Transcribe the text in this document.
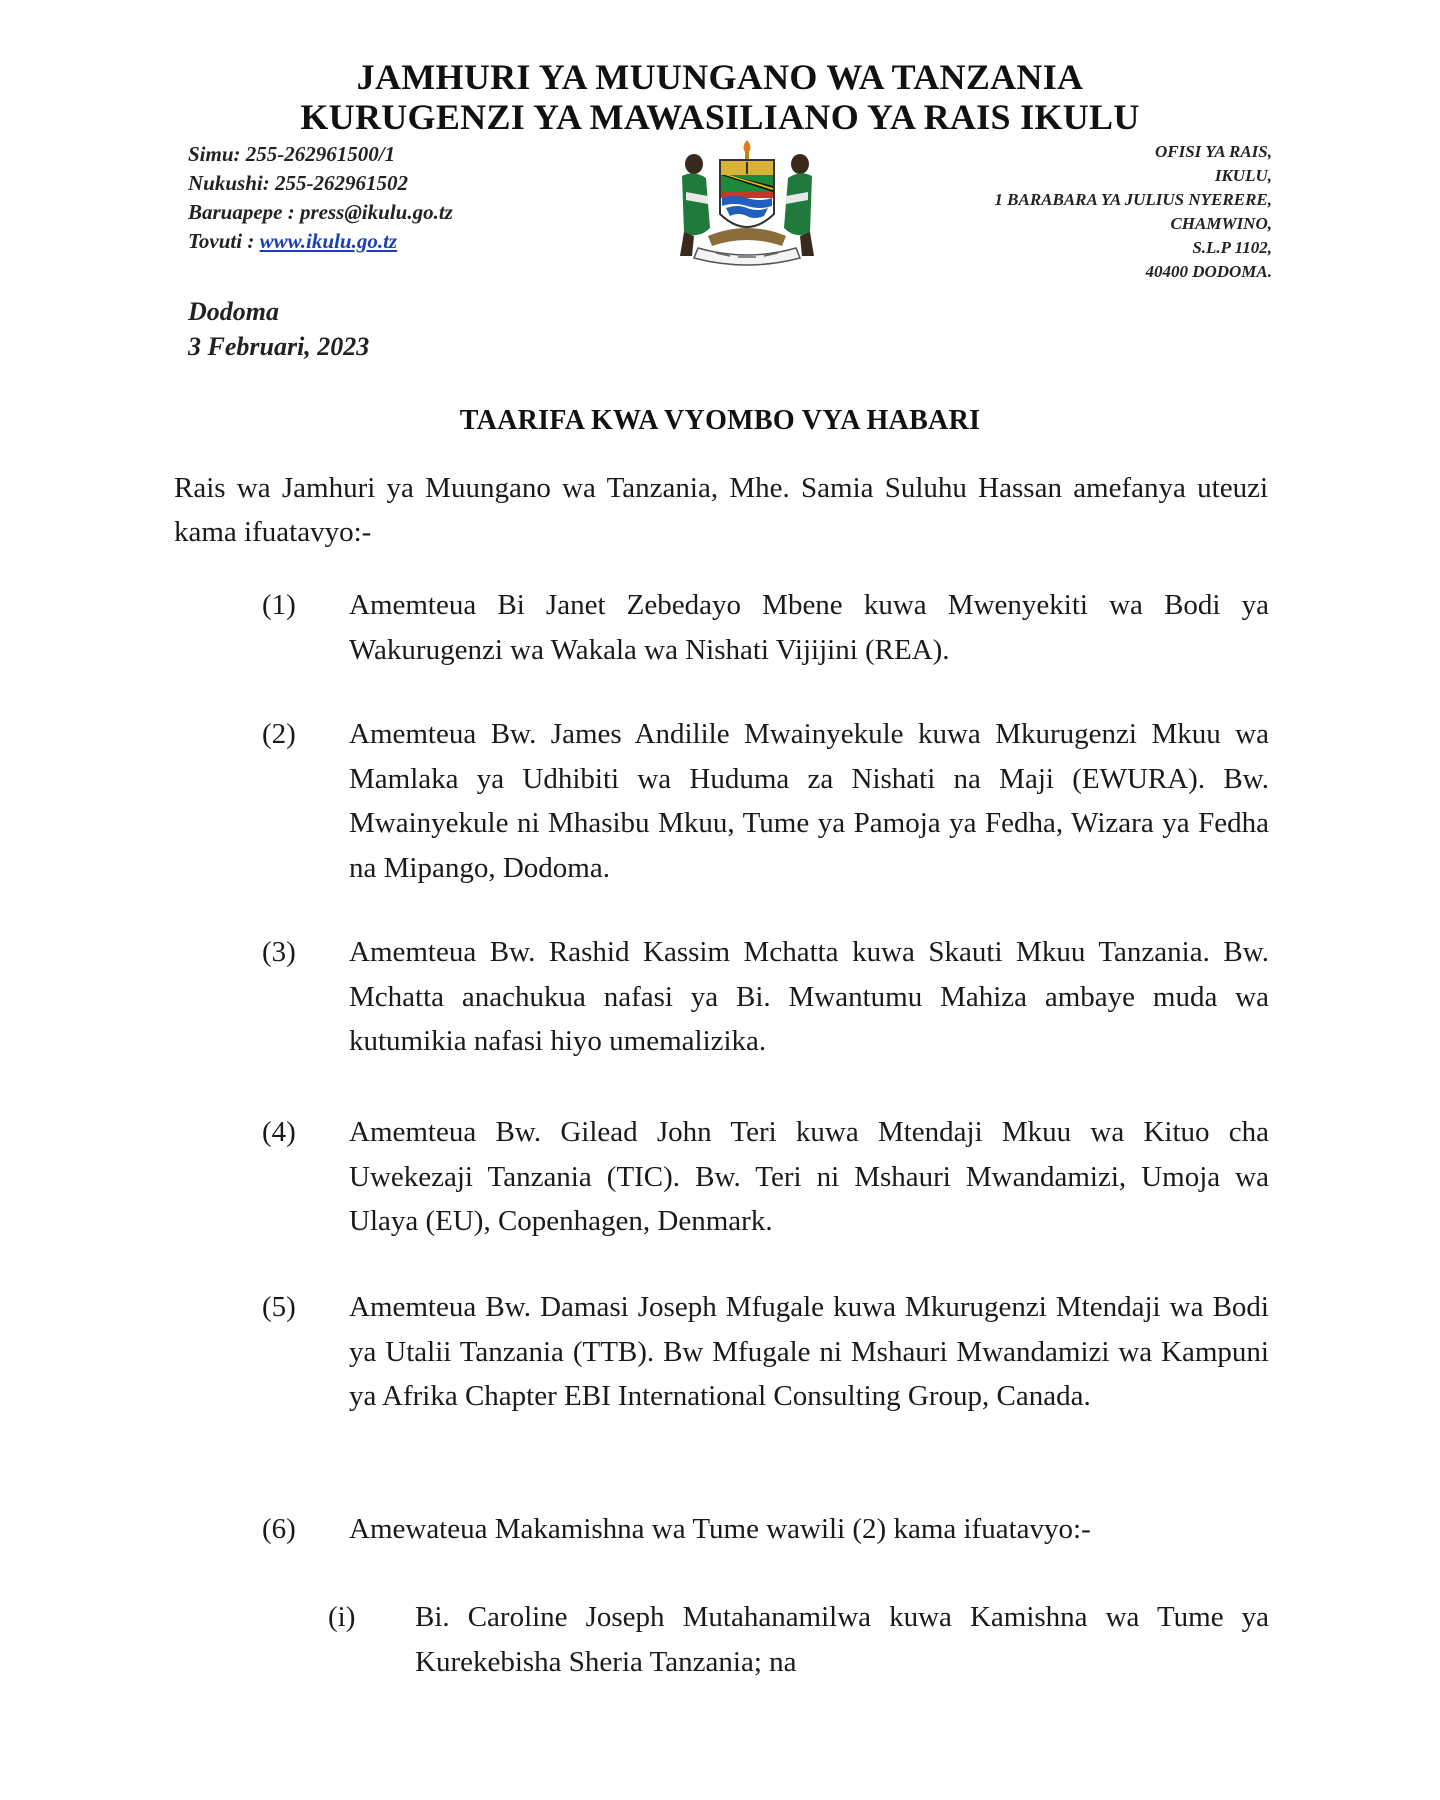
JAMHURI YA MUUNGANO WA TANZANIA
KURUGENZI YA MAWASILIANO YA RAIS IKULU
Simu: 255-262961500/1
Nukushi: 255-262961502
Baruapepe : press@ikulu.go.tz
Tovuti : www.ikulu.go.tz
OFISI YA RAIS,
IKULU,
1 BARABARA YA JULIUS NYERERE,
CHAMWINO,
S.L.P 1102,
40400 DODOMA.
Dodoma
3 Februari, 2023
TAARIFA KWA VYOMBO VYA HABARI
Rais wa Jamhuri ya Muungano wa Tanzania, Mhe. Samia Suluhu Hassan amefanya uteuzi kama ifuatavyo:-
(1) Amemteua Bi Janet Zebedayo Mbene kuwa Mwenyekiti wa Bodi ya Wakurugenzi wa Wakala wa Nishati Vijijini (REA).
(2) Amemteua Bw. James Andilile Mwainyekule kuwa Mkurugenzi Mkuu wa Mamlaka ya Udhibiti wa Huduma za Nishati na Maji (EWURA). Bw. Mwainyekule ni Mhasibu Mkuu, Tume ya Pamoja ya Fedha, Wizara ya Fedha na Mipango, Dodoma.
(3) Amemteua Bw. Rashid Kassim Mchatta kuwa Skauti Mkuu Tanzania. Bw. Mchatta anachukua nafasi ya Bi. Mwantumu Mahiza ambaye muda wa kutumikia nafasi hiyo umemalizika.
(4) Amemteua Bw. Gilead John Teri kuwa Mtendaji Mkuu wa Kituo cha Uwekezaji Tanzania (TIC). Bw. Teri ni Mshauri Mwandamizi, Umoja wa Ulaya (EU), Copenhagen, Denmark.
(5) Amemteua Bw. Damasi Joseph Mfugale kuwa Mkurugenzi Mtendaji wa Bodi ya Utalii Tanzania (TTB). Bw Mfugale ni Mshauri Mwandamizi wa Kampuni ya Afrika Chapter EBI International Consulting Group, Canada.
(6) Amewateua Makamishna wa Tume wawili (2) kama ifuatavyo:-
(i) Bi. Caroline Joseph Mutahanamilwa kuwa Kamishna wa Tume ya Kurekebisha Sheria Tanzania; na
